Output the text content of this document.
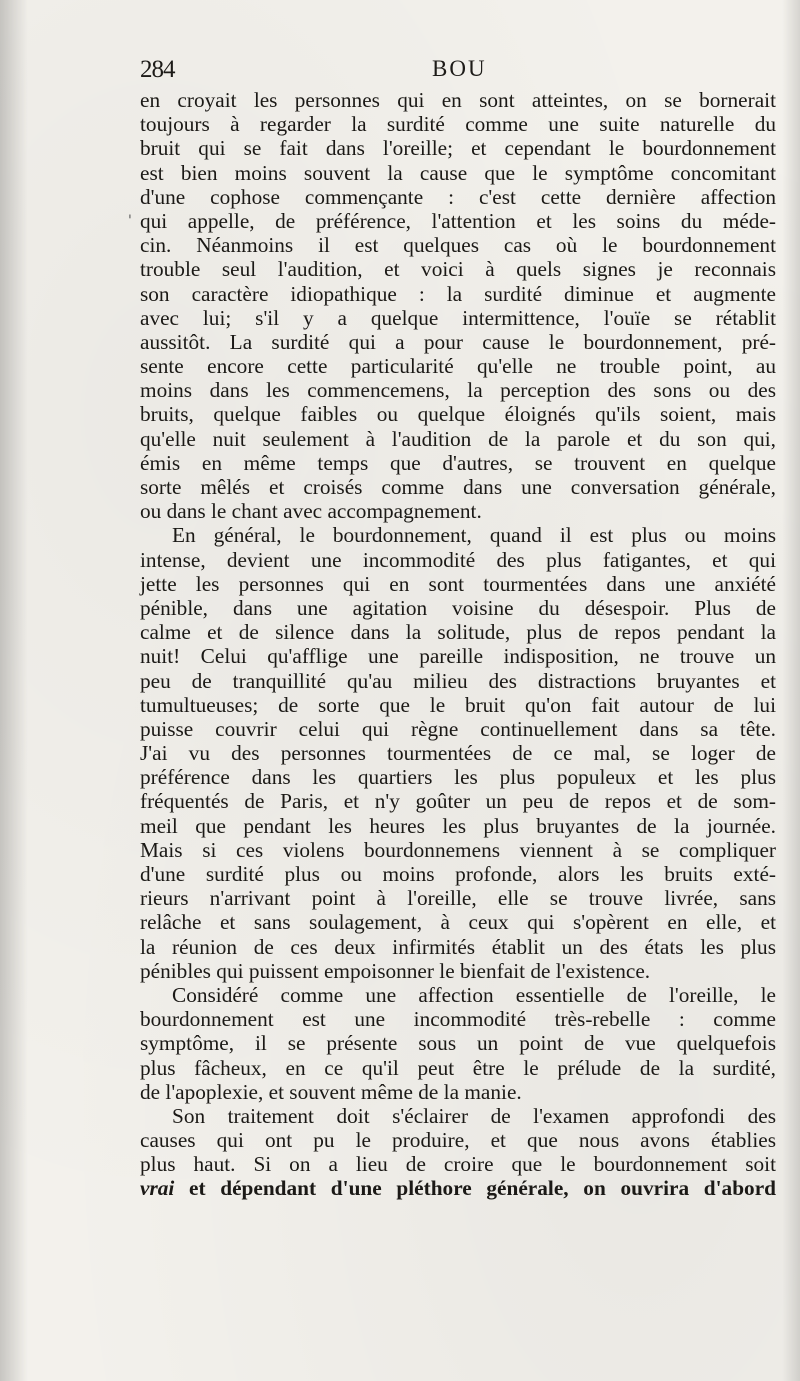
284	BOU
'
en croyait les personnes qui en sont atteintes, on se bornerait
toujours à regarder la surdité comme une suite naturelle du
bruit qui se fait dans l'oreille; et cependant le bourdonnement
est bien moins souvent la cause que le symptôme concomitant
d'une cophose commençante : c'est cette dernière affection
qui appelle, de préférence, l'attention et les soins du méde-
cin. Néanmoins il est quelques cas où le bourdonnement
trouble seul l'audition, et voici à quels signes je reconnais
son caractère idiopathique : la surdité diminue et augmente
avec lui; s'il y a quelque intermittence, l'ouïe se rétablit
aussitôt. La surdité qui a pour cause le bourdonnement, pré-
sente encore cette particularité qu'elle ne trouble point, au
moins dans les commencemens, la perception des sons ou des
bruits, quelque faibles ou quelque éloignés qu'ils soient, mais
qu'elle nuit seulement à l'audition de la parole et du son qui,
émis en même temps que d'autres, se trouvent en quelque
sorte mêlés et croisés comme dans une conversation générale,
ou dans le chant avec accompagnement.
En général, le bourdonnement, quand il est plus ou moins
intense, devient une incommodité des plus fatigantes, et qui
jette les personnes qui en sont tourmentées dans une anxiété
pénible, dans une agitation voisine du désespoir. Plus de
calme et de silence dans la solitude, plus de repos pendant la
nuit! Celui qu'afflige une pareille indisposition, ne trouve un
peu de tranquillité qu'au milieu des distractions bruyantes et
tumultueuses; de sorte que le bruit qu'on fait autour de lui
puisse couvrir celui qui règne continuellement dans sa tête.
J'ai vu des personnes tourmentées de ce mal, se loger de
préférence dans les quartiers les plus populeux et les plus
fréquentés de Paris, et n'y goûter un peu de repos et de som-
meil que pendant les heures les plus bruyantes de la journée.
Mais si ces violens bourdonnemens viennent à se compliquer
d'une surdité plus ou moins profonde, alors les bruits exté-
rieurs n'arrivant point à l'oreille, elle se trouve livrée, sans
relâche et sans soulagement, à ceux qui s'opèrent en elle, et
la réunion de ces deux infirmités établit un des états les plus
pénibles qui puissent empoisonner le bienfait de l'existence.
Considéré comme une affection essentielle de l'oreille, le
bourdonnement est une incommodité très-rebelle : comme
symptôme, il se présente sous un point de vue quelquefois
plus fâcheux, en ce qu'il peut être le prélude de la surdité,
de l'apoplexie, et souvent même de la manie.
Son traitement doit s'éclairer de l'examen approfondi des
causes qui ont pu le produire, et que nous avons établies
plus haut. Si on a lieu de croire que le bourdonnement soit
vrai et dépendant d'une pléthore générale, on ouvrira d'abord
